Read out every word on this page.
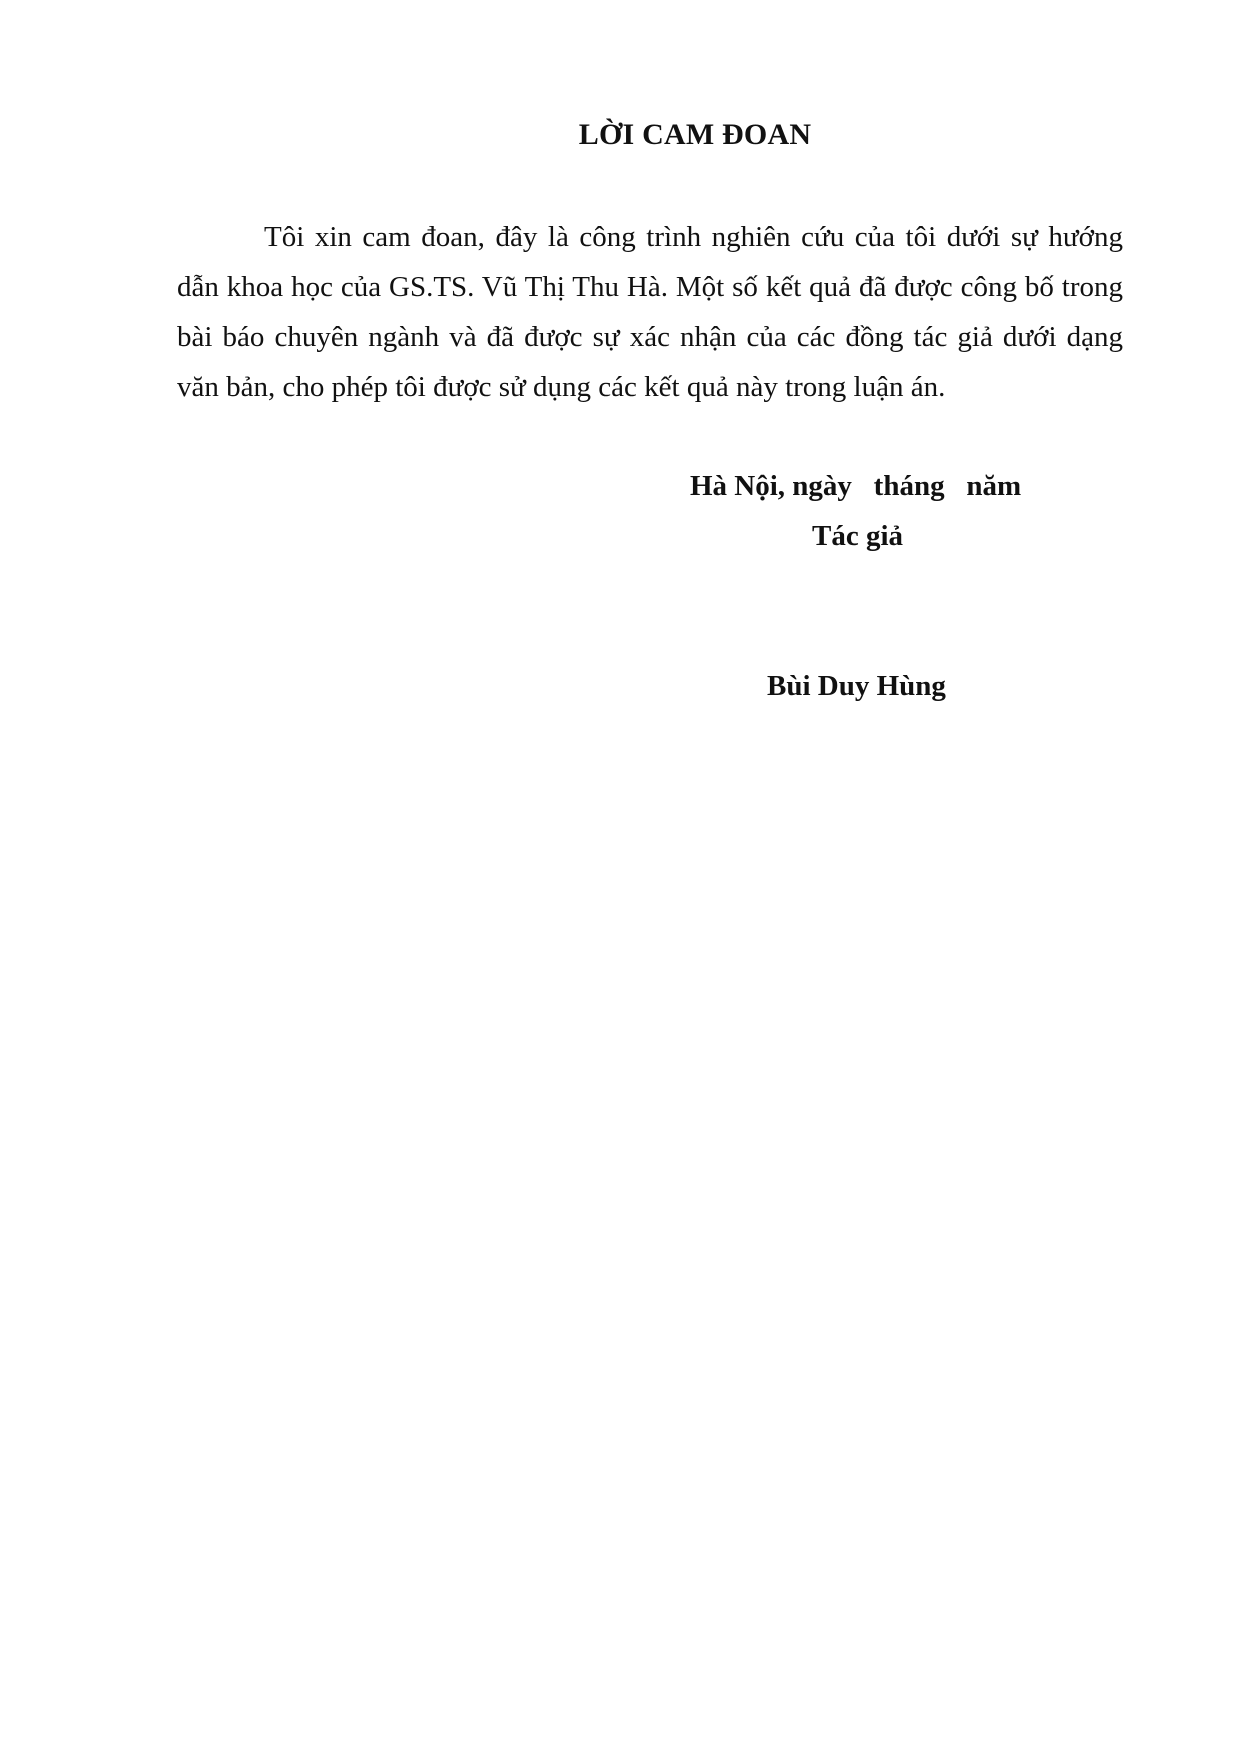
LỜI CAM ĐOAN
Tôi xin cam đoan, đây là công trình nghiên cứu của tôi dưới sự hướng dẫn khoa học của GS.TS. Vũ Thị Thu Hà. Một số kết quả đã được công bố trong bài báo chuyên ngành và đã được sự xác nhận của các đồng tác giả dưới dạng văn bản, cho phép tôi được sử dụng các kết quả này trong luận án.
Hà Nội, ngày   tháng   năm
Tác giả
Bùi Duy Hùng
